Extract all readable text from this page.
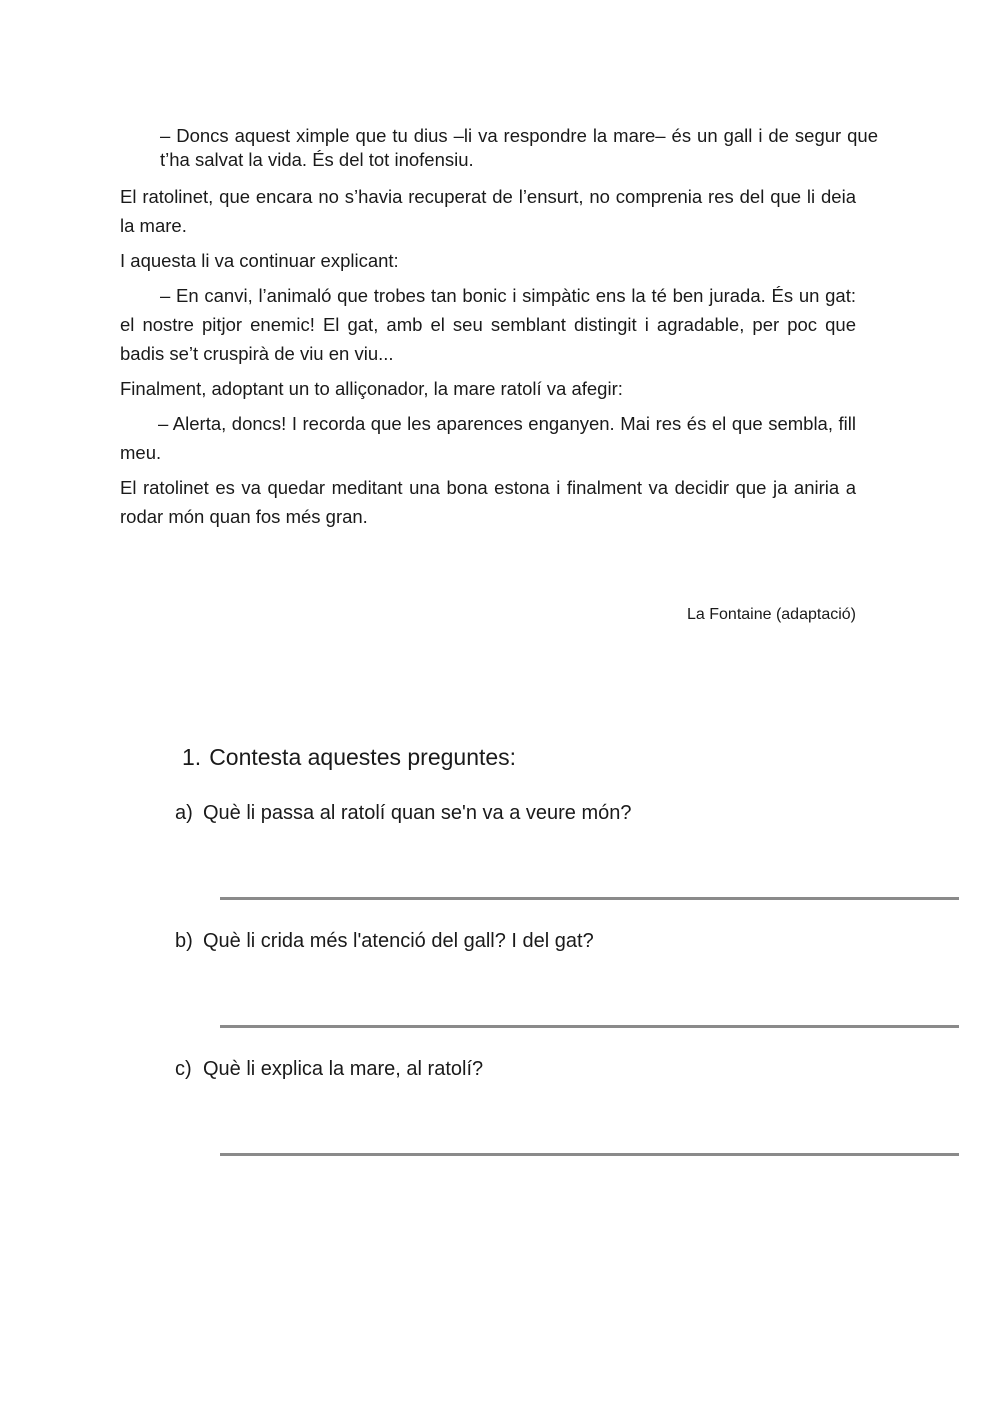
– Doncs aquest ximple que tu dius –li va respondre la mare– és un gall i de segur que t’ha salvat la vida. És del tot inofensiu.

El ratolinet, que encara no s’havia recuperat de l’ensurt, no comprenia res del que li deia la mare.

I aquesta li va continuar explicant:

– En canvi, l’animaló que trobes tan bonic i simpàtic ens la té ben jurada. És un gat: el nostre pitjor enemic! El gat, amb el seu semblant distingit i agradable, per poc que badis se’t cruspirà de viu en viu...

Finalment, adoptant un to alliçonador, la mare ratolí va afegir:

– Alerta, doncs! I recorda que les aparences enganyen. Mai res és el que sembla, fill meu.

El ratolinet es va quedar meditant una bona estona i finalment va decidir que ja aniria a rodar món quan fos més gran.

La Fontaine (adaptació)
1. Contesta aquestes preguntes:
a) Què li passa al ratolí quan se'n va a veure món?
b) Què li crida més l'atenció del gall? I del gat?
c) Què li explica la mare, al ratolí?
